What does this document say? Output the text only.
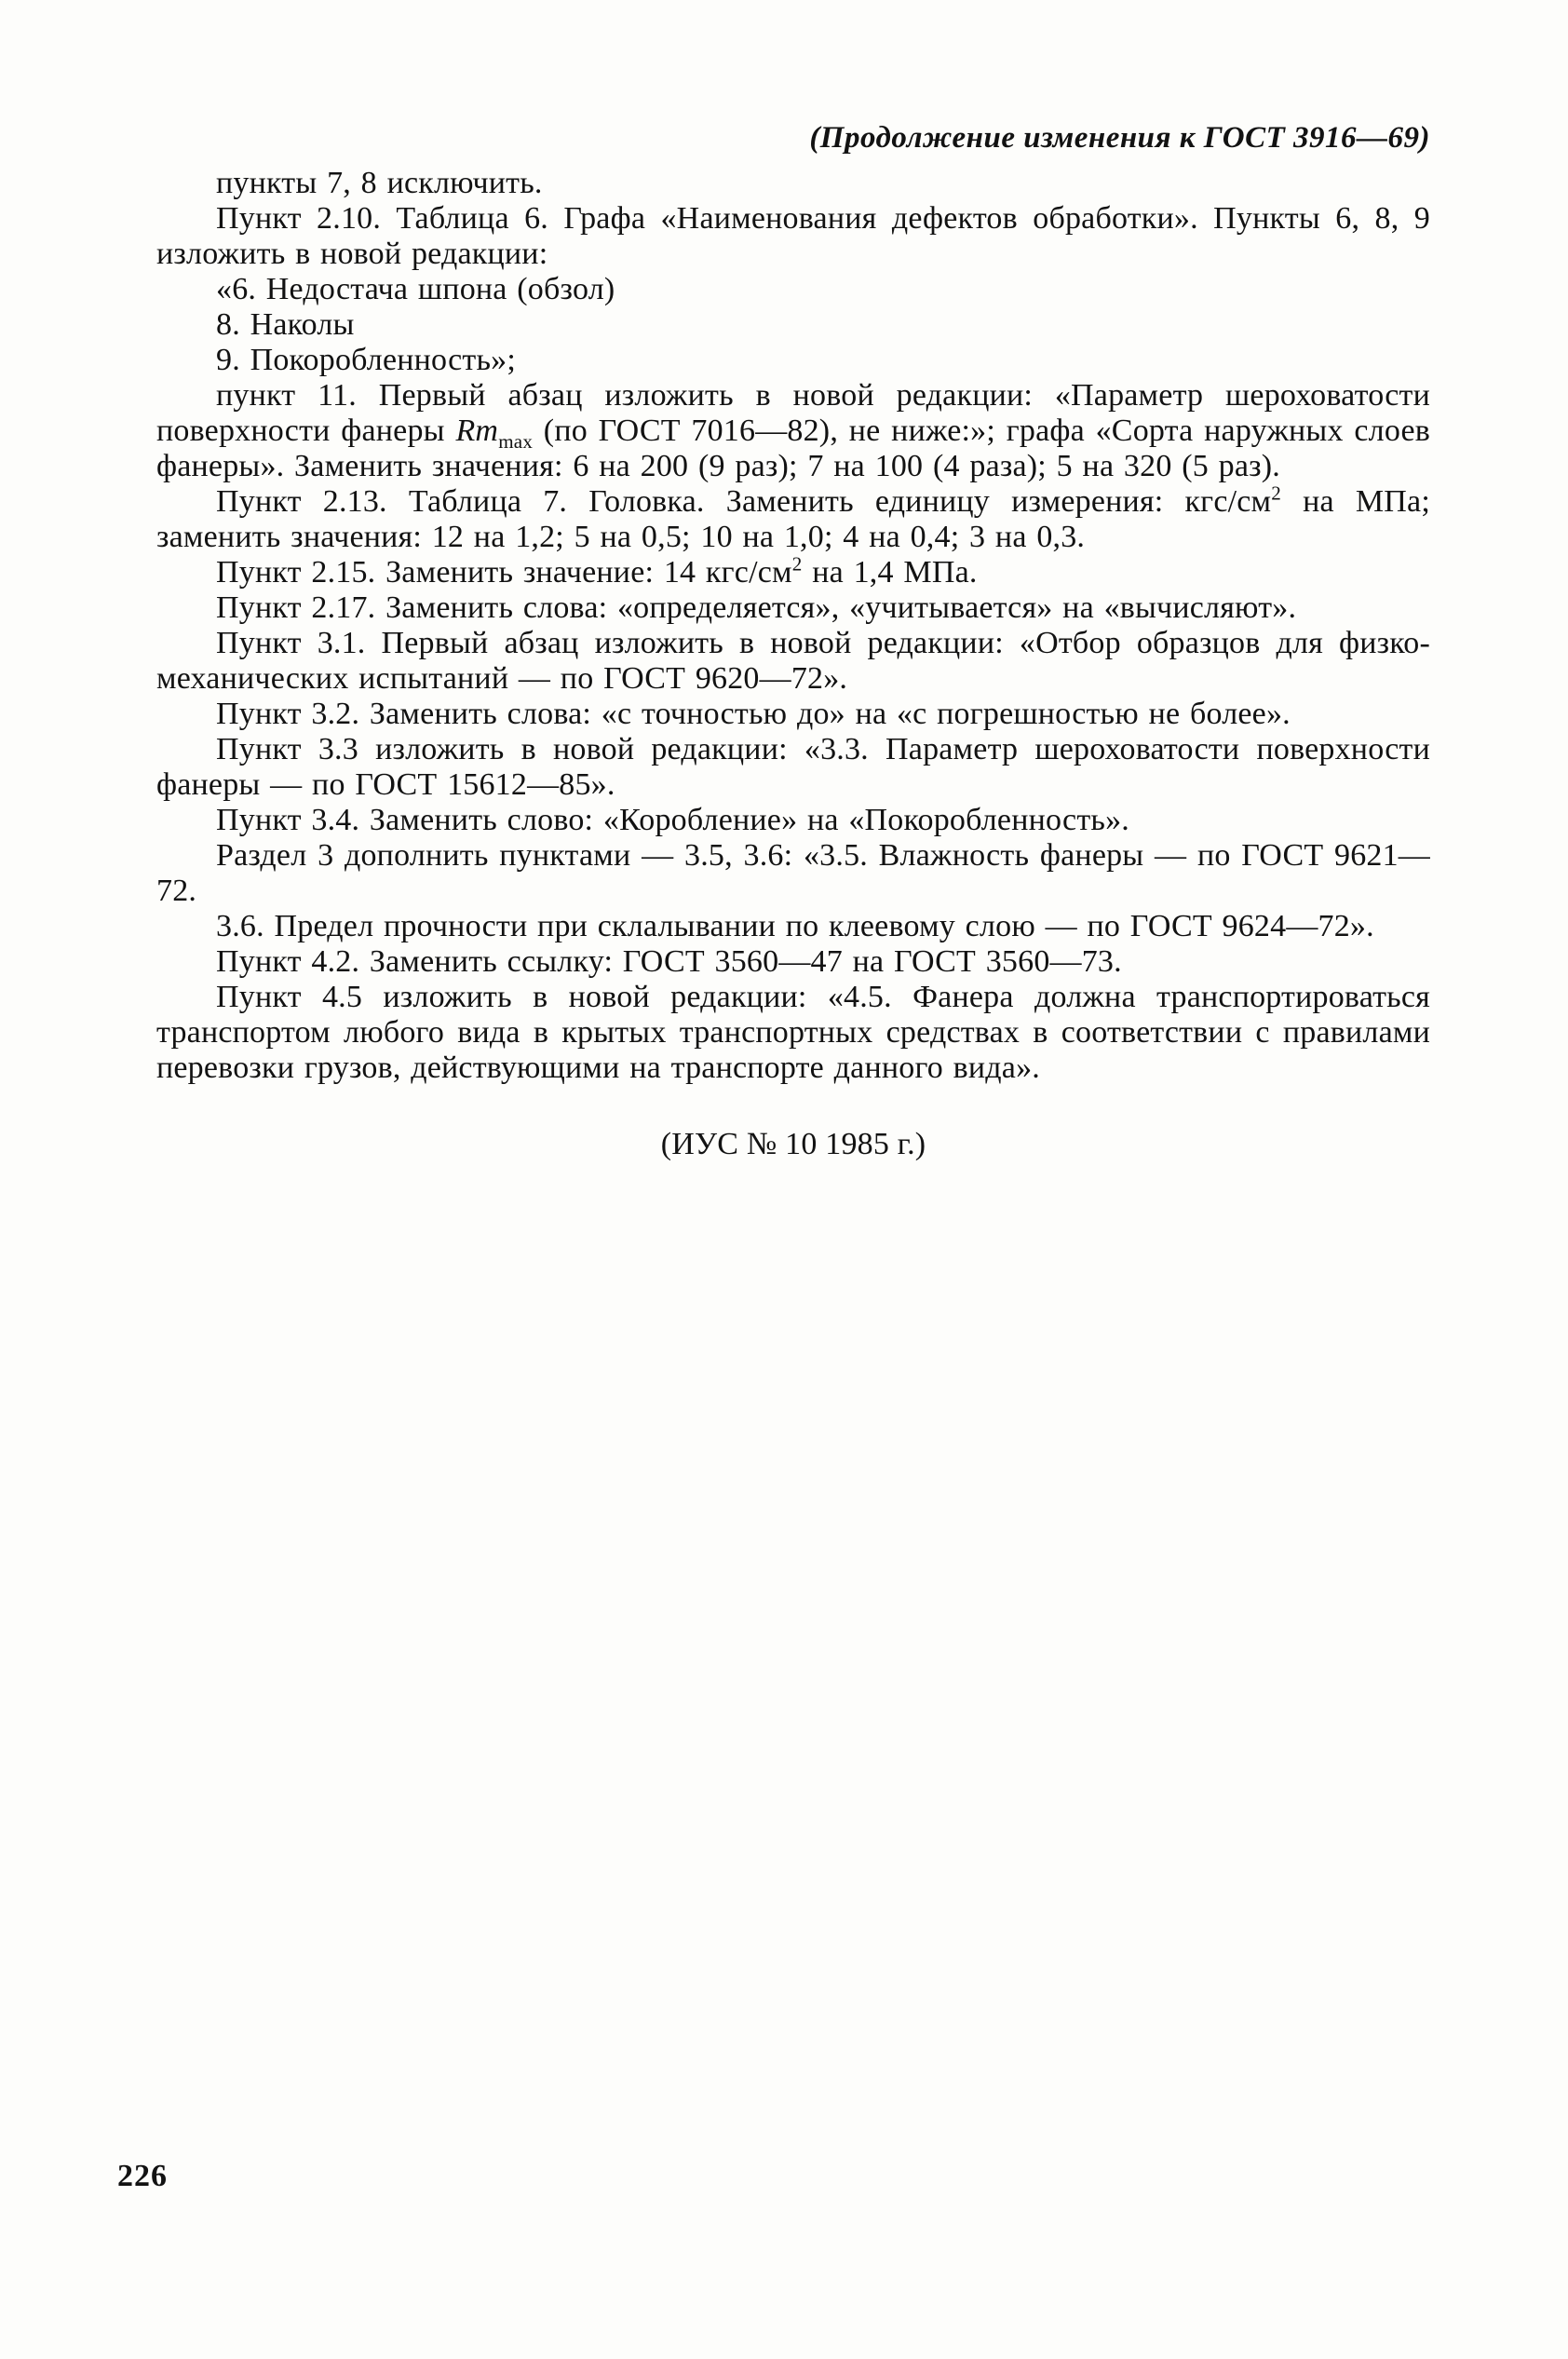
(Продолжение изменения к ГОСТ 3916—69)

пункты 7, 8 исключить.

Пункт 2.10. Таблица 6. Графа «Наименования дефектов обработки». Пункты 6, 8, 9 изложить в новой редакции:

«6. Недостача шпона (обзол)

8. Наколы

9. Покоробленность»;

пункт 11. Первый абзац изложить в новой редакции: «Параметр шероховатости поверхности фанеры $Rm_{max}$ (по ГОСТ 7016—82), не ниже:»; графа «Сорта наружных слоев фанеры». Заменить значения: 6 на 200 (9 раз); 7 на 100 (4 раза); 5 на 320 (5 раз).

Пункт 2.13. Таблица 7. Головка. Заменить единицу измерения: кгс/$см^2$ на МПа; заменить значения: 12 на 1,2; 5 на 0,5; 10 на 1,0; 4 на 0,4; 3 на 0,3.

Пункт 2.15. Заменить значение: 14 кгс/$см^2$ на 1,4 МПа.

Пункт 2.17. Заменить слова: «определяется», «учитывается» на «вычисляют».

Пункт 3.1. Первый абзац изложить в новой редакции: «Отбор образцов для физко-механических испытаний — по ГОСТ 9620—72».

Пункт 3.2. Заменить слова: «с точностью до» на «с погрешностью не более».

Пункт 3.3 изложить в новой редакции: «3.3. Параметр шероховатости поверхности фанеры — по ГОСТ 15612—85».

Пункт 3.4. Заменить слово: «Коробление» на «Покоробленность».

Раздел 3 дополнить пунктами — 3.5, 3.6: «3.5. Влажность фанеры — по ГОСТ 9621—72.

3.6. Предел прочности при склалывании по клеевому слою — по ГОСТ 9624—72».

Пункт 4.2. Заменить ссылку: ГОСТ 3560—47 на ГОСТ 3560—73.

Пункт 4.5 изложить в новой редакции: «4.5. Фанера должна транспортироваться транспортом любого вида в крытых транспортных средствах в соответствии с правилами перевозки грузов, действующими на транспорте данного вида».

(ИУС № 10 1985 г.)
226
